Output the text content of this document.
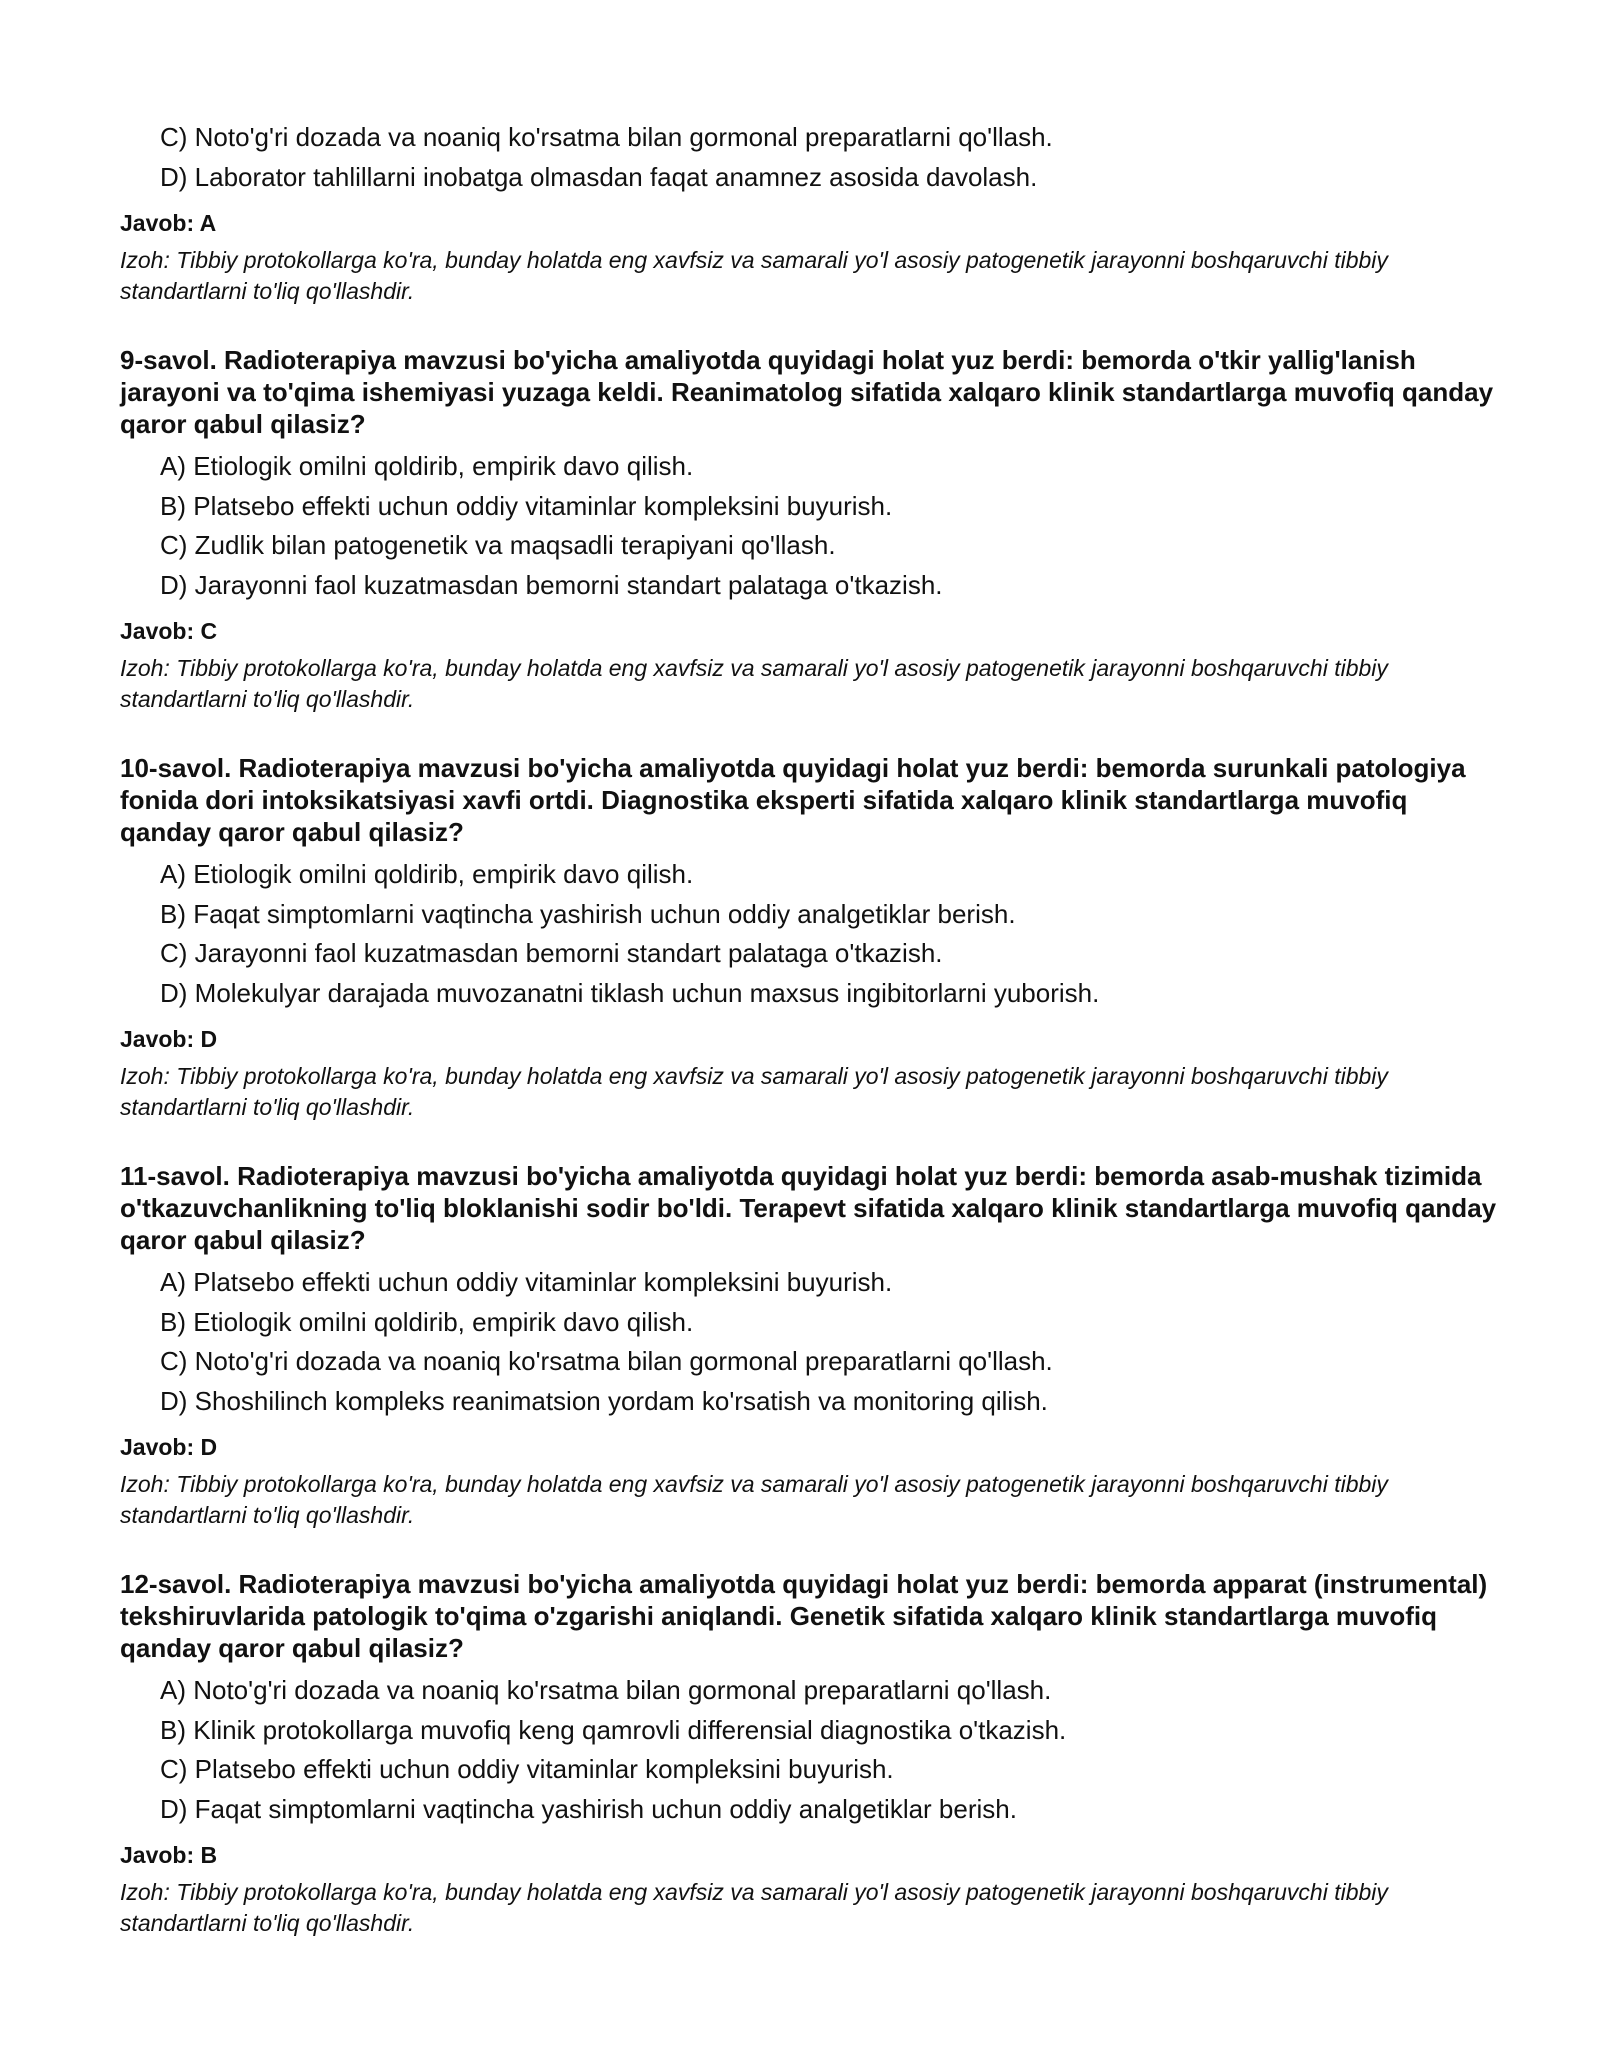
C) Noto'g'ri dozada va noaniq ko'rsatma bilan gormonal preparatlarni qo'llash.
D) Laborator tahlillarni inobatga olmasdan faqat anamnez asosida davolash.
Javob: A
Izoh: Tibbiy protokollarga ko'ra, bunday holatda eng xavfsiz va samarali yo'l asosiy patogenetik jarayonni boshqaruvchi tibbiy standartlarni to'liq qo'llashdir.
9-savol. Radioterapiya mavzusi bo'yicha amaliyotda quyidagi holat yuz berdi: bemorda o'tkir yallig'lanish jarayoni va to'qima ishemiyasi yuzaga keldi. Reanimatolog sifatida xalqaro klinik standartlarga muvofiq qanday qaror qabul qilasiz?
A) Etiologik omilni qoldirib, empirik davo qilish.
B) Platsebo effekti uchun oddiy vitaminlar kompleksini buyurish.
C) Zudlik bilan patogenetik va maqsadli terapiyani qo'llash.
D) Jarayonni faol kuzatmasdan bemorni standart palataga o'tkazish.
Javob: C
Izoh: Tibbiy protokollarga ko'ra, bunday holatda eng xavfsiz va samarali yo'l asosiy patogenetik jarayonni boshqaruvchi tibbiy standartlarni to'liq qo'llashdir.
10-savol. Radioterapiya mavzusi bo'yicha amaliyotda quyidagi holat yuz berdi: bemorda surunkali patologiya fonida dori intoksikatsiyasi xavfi ortdi. Diagnostika eksperti sifatida xalqaro klinik standartlarga muvofiq qanday qaror qabul qilasiz?
A) Etiologik omilni qoldirib, empirik davo qilish.
B) Faqat simptomlarni vaqtincha yashirish uchun oddiy analgetiklar berish.
C) Jarayonni faol kuzatmasdan bemorni standart palataga o'tkazish.
D) Molekulyar darajada muvozanatni tiklash uchun maxsus ingibitorlarni yuborish.
Javob: D
Izoh: Tibbiy protokollarga ko'ra, bunday holatda eng xavfsiz va samarali yo'l asosiy patogenetik jarayonni boshqaruvchi tibbiy standartlarni to'liq qo'llashdir.
11-savol. Radioterapiya mavzusi bo'yicha amaliyotda quyidagi holat yuz berdi: bemorda asab-mushak tizimida o'tkazuvchanlikning to'liq bloklanishi sodir bo'ldi. Terapevt sifatida xalqaro klinik standartlarga muvofiq qanday qaror qabul qilasiz?
A) Platsebo effekti uchun oddiy vitaminlar kompleksini buyurish.
B) Etiologik omilni qoldirib, empirik davo qilish.
C) Noto'g'ri dozada va noaniq ko'rsatma bilan gormonal preparatlarni qo'llash.
D) Shoshilinch kompleks reanimatsion yordam ko'rsatish va monitoring qilish.
Javob: D
Izoh: Tibbiy protokollarga ko'ra, bunday holatda eng xavfsiz va samarali yo'l asosiy patogenetik jarayonni boshqaruvchi tibbiy standartlarni to'liq qo'llashdir.
12-savol. Radioterapiya mavzusi bo'yicha amaliyotda quyidagi holat yuz berdi: bemorda apparat (instrumental) tekshiruvlarida patologik to'qima o'zgarishi aniqlandi. Genetik sifatida xalqaro klinik standartlarga muvofiq qanday qaror qabul qilasiz?
A) Noto'g'ri dozada va noaniq ko'rsatma bilan gormonal preparatlarni qo'llash.
B) Klinik protokollarga muvofiq keng qamrovli differensial diagnostika o'tkazish.
C) Platsebo effekti uchun oddiy vitaminlar kompleksini buyurish.
D) Faqat simptomlarni vaqtincha yashirish uchun oddiy analgetiklar berish.
Javob: B
Izoh: Tibbiy protokollarga ko'ra, bunday holatda eng xavfsiz va samarali yo'l asosiy patogenetik jarayonni boshqaruvchi tibbiy standartlarni to'liq qo'llashdir.
